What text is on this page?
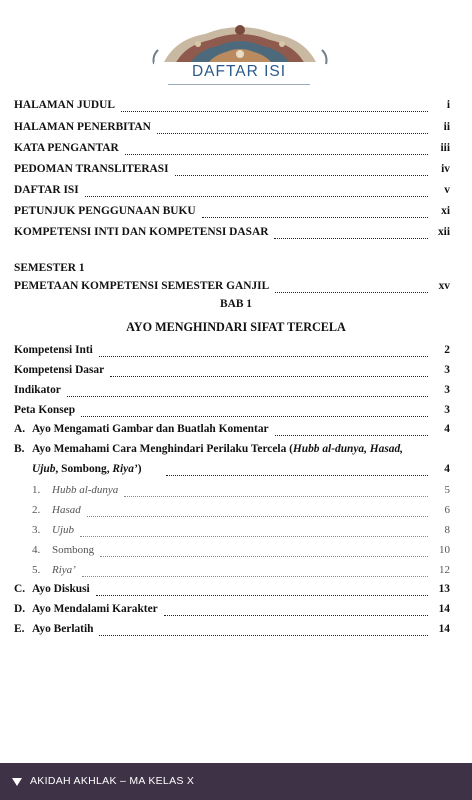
DAFTAR ISI
HALAMAN JUDUL	i
HALAMAN PENERBITAN	ii
KATA PENGANTAR	iii
PEDOMAN TRANSLITERASI	iv
DAFTAR ISI	v
PETUNJUK PENGGUNAAN BUKU	xi
KOMPETENSI INTI DAN KOMPETENSI DASAR	xii
SEMESTER 1
PEMETAAN KOMPETENSI SEMESTER GANJIL	xv
BAB 1
AYO MENGHINDARI SIFAT TERCELA
Kompetensi Inti	2
Kompetensi Dasar	3
Indikator	3
Peta Konsep	3
A. Ayo Mengamati Gambar dan Buatlah Komentar	4
B. Ayo Memahami Cara Menghindari Perilaku Tercela (Hubb al-dunya, Hasad,
Ujub, Sombong, Riya’)	4
1.	Hubb al-dunya	5
2.	Hasad	6
3.	Ujub	8
4.	Sombong	10
5.	Riya’	12
C. Ayo Diskusi	13
D. Ayo Mendalami Karakter	14
E. Ayo Berlatih	14
AKIDAH AKHLAK – MA KELAS X
